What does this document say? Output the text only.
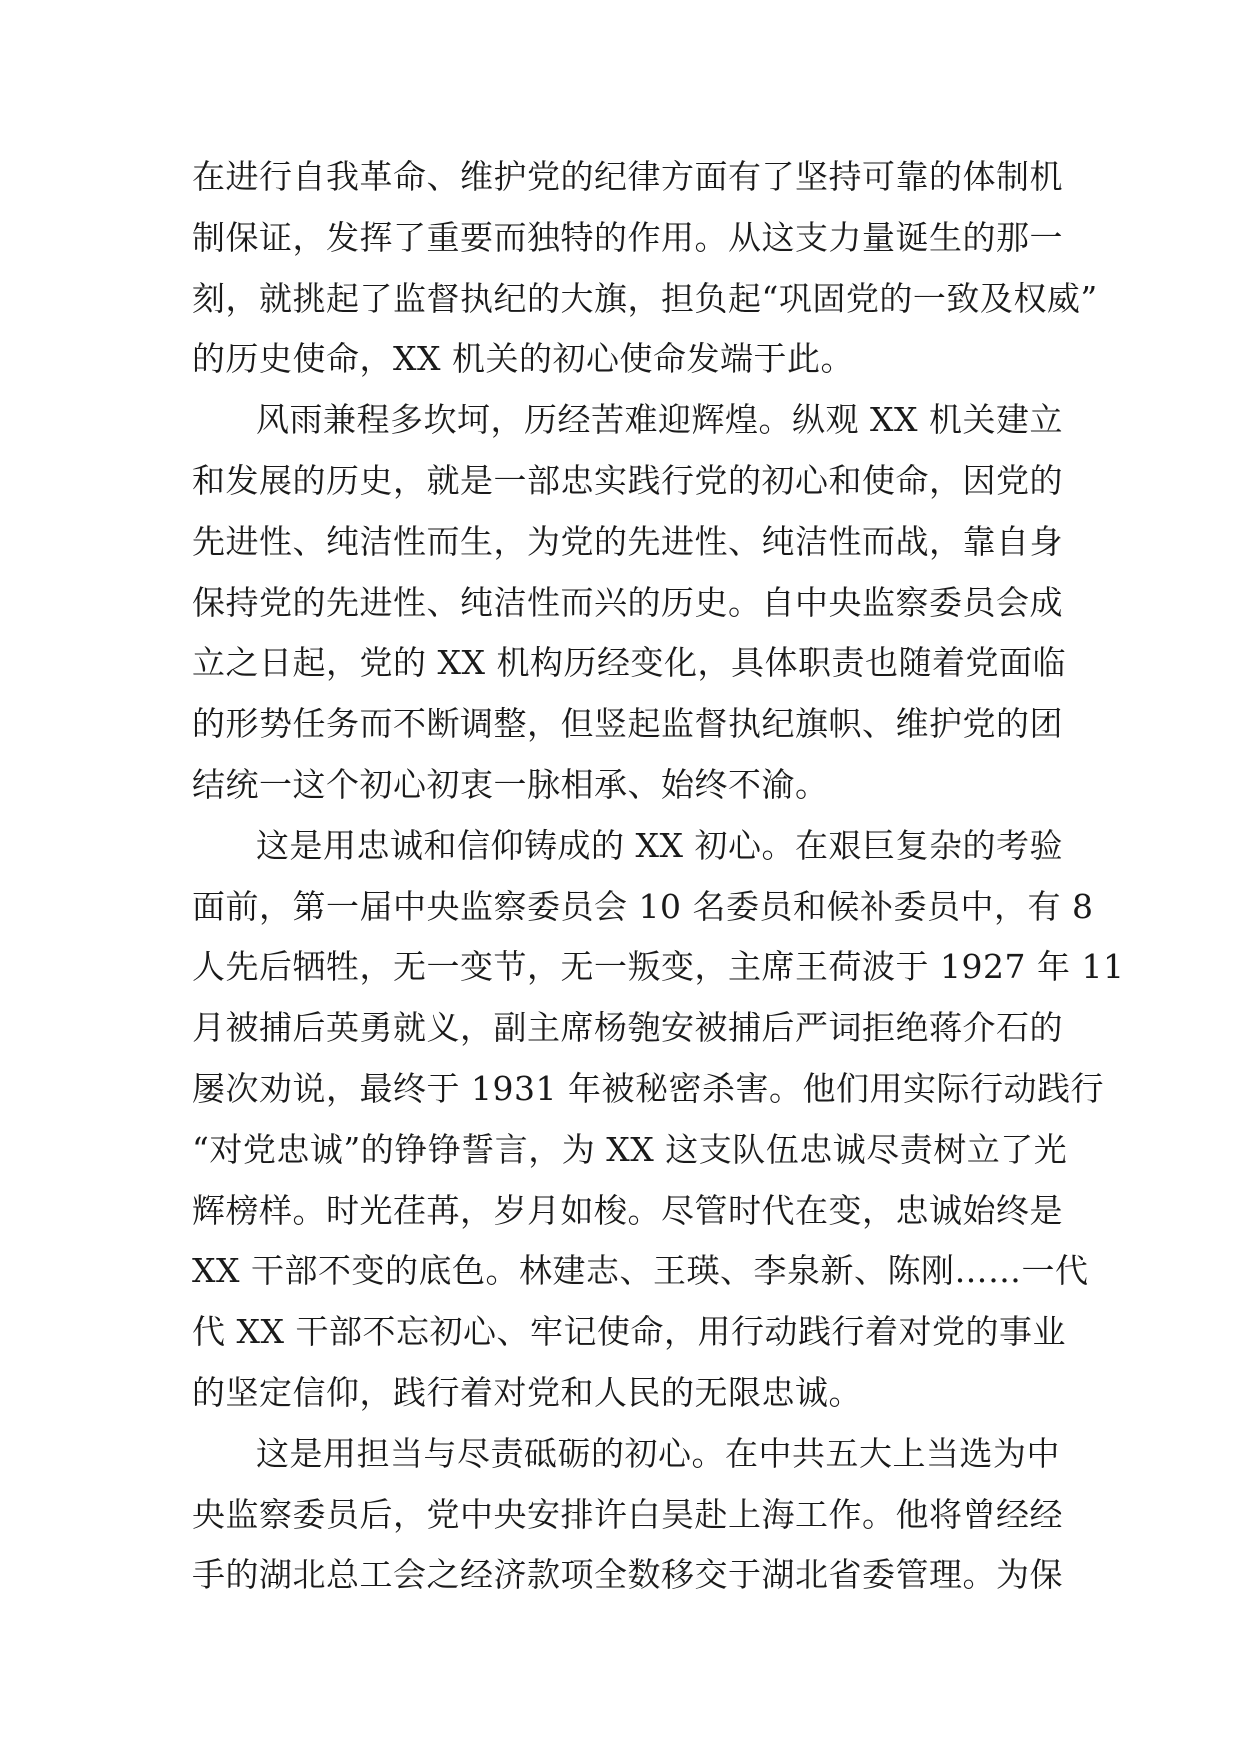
在进行自我革命、维护党的纪律方面有了坚持可靠的体制机
制保证，发挥了重要而独特的作用。从这支力量诞生的那一
刻，就挑起了监督执纪的大旗，担负起“巩固党的一致及权威”
的历史使命，XX 机关的初心使命发端于此。
风雨兼程多坎坷，历经苦难迎辉煌。纵观 XX 机关建立
和发展的历史，就是一部忠实践行党的初心和使命，因党的
先进性、纯洁性而生，为党的先进性、纯洁性而战，靠自身
保持党的先进性、纯洁性而兴的历史。自中央监察委员会成
立之日起，党的 XX 机构历经变化，具体职责也随着党面临
的形势任务而不断调整，但竖起监督执纪旗帜、维护党的团
结统一这个初心初衷一脉相承、始终不渝。
这是用忠诚和信仰铸成的 XX 初心。在艰巨复杂的考验
面前，第一届中央监察委员会 10 名委员和候补委员中，有 8
人先后牺牲，无一变节，无一叛变，主席王荷波于 1927 年 11
月被捕后英勇就义，副主席杨匏安被捕后严词拒绝蒋介石的
屡次劝说，最终于 1931 年被秘密杀害。他们用实际行动践行
“对党忠诚”的铮铮誓言，为 XX 这支队伍忠诚尽责树立了光
辉榜样。时光荏苒，岁月如梭。尽管时代在变，忠诚始终是
XX 干部不变的底色。林建志、王瑛、李泉新、陈刚……一代
代 XX 干部不忘初心、牢记使命，用行动践行着对党的事业
的坚定信仰，践行着对党和人民的无限忠诚。
这是用担当与尽责砥砺的初心。在中共五大上当选为中
央监察委员后，党中央安排许白昊赴上海工作。他将曾经经
手的湖北总工会之经济款项全数移交于湖北省委管理。为保
